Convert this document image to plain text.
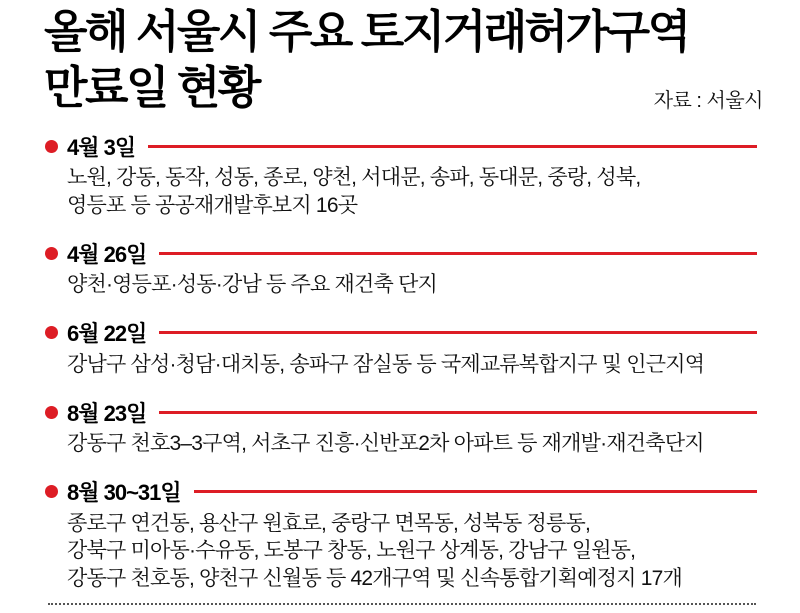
올해 서울시 주요 토지거래허가구역
만료일 현황	자료 : 서울시
4월 3일
노원, 강동, 동작, 성동, 종로, 양천, 서대문, 송파, 동대문, 중랑, 성북,
영등포 등 공공재개발후보지 16곳
4월 26일
양천·영등포·성동·강남 등 주요 재건축 단지
6월 22일
강남구 삼성·청담·대치동, 송파구 잠실동 등 국제교류복합지구 및 인근지역
8월 23일
강동구 천호3–3구역, 서초구 진흥·신반포2차 아파트 등 재개발·재건축단지
8월 30~31일
종로구 연건동, 용산구 원효로, 중랑구 면목동, 성북동 정릉동,
강북구 미아동·수유동, 도봉구 창동, 노원구 상계동, 강남구 일원동,
강동구 천호동, 양천구 신월동 등 42개구역 및 신속통합기획예정지 17개
